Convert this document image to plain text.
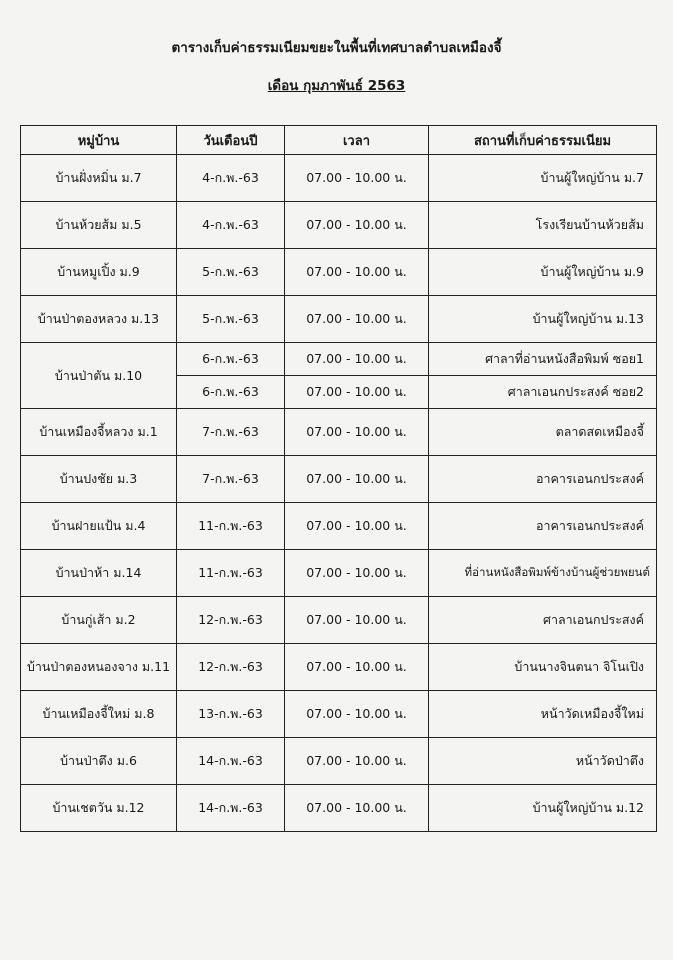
ตารางเก็บค่าธรรมเนียมขยะในพื้นที่เทศบาลตำบลเหมืองจี้
เดือน กุมภาพันธ์ 2563
หมู่บ้าน	วันเดือนปี	เวลา	สถานที่เก็บค่าธรรมเนียม
บ้านฝั่งหมิ่น ม.7	4-ก.พ.-63	07.00 - 10.00 น.	บ้านผู้ใหญ่บ้าน ม.7
บ้านห้วยส้ม ม.5	4-ก.พ.-63	07.00 - 10.00 น.	โรงเรียนบ้านห้วยส้ม
บ้านหมูเปิ้ง ม.9	5-ก.พ.-63	07.00 - 10.00 น.	บ้านผู้ใหญ่บ้าน ม.9
บ้านป่าตองหลวง ม.13	5-ก.พ.-63	07.00 - 10.00 น.	บ้านผู้ใหญ่บ้าน ม.13
บ้านป่าตัน ม.10	6-ก.พ.-63	07.00 - 10.00 น.	ศาลาที่อ่านหนังสือพิมพ์ ซอย1
	6-ก.พ.-63	07.00 - 10.00 น.	ศาลาเอนกประสงค์ ซอย2
บ้านเหมืองจี้หลวง ม.1	7-ก.พ.-63	07.00 - 10.00 น.	ตลาดสดเหมืองจี้
บ้านปงชัย ม.3	7-ก.พ.-63	07.00 - 10.00 น.	อาคารเอนกประสงค์
บ้านฝายแป้น ม.4	11-ก.พ.-63	07.00 - 10.00 น.	อาคารเอนกประสงค์
บ้านป่าห้า ม.14	11-ก.พ.-63	07.00 - 10.00 น.	ที่อ่านหนังสือพิมพ์ข้างบ้านผู้ช่วยพยนต์
บ้านกู่เส้า ม.2	12-ก.พ.-63	07.00 - 10.00 น.	ศาลาเอนกประสงค์
บ้านป่าตองหนองจาง ม.11	12-ก.พ.-63	07.00 - 10.00 น.	บ้านนางจินตนา จิโนเปิง
บ้านเหมืองจี้ใหม่ ม.8	13-ก.พ.-63	07.00 - 10.00 น.	หน้าวัดเหมืองจี้ใหม่
บ้านป่าตึง ม.6	14-ก.พ.-63	07.00 - 10.00 น.	หน้าวัดป่าตึง
บ้านเชตวัน ม.12	14-ก.พ.-63	07.00 - 10.00 น.	บ้านผู้ใหญ่บ้าน ม.12
